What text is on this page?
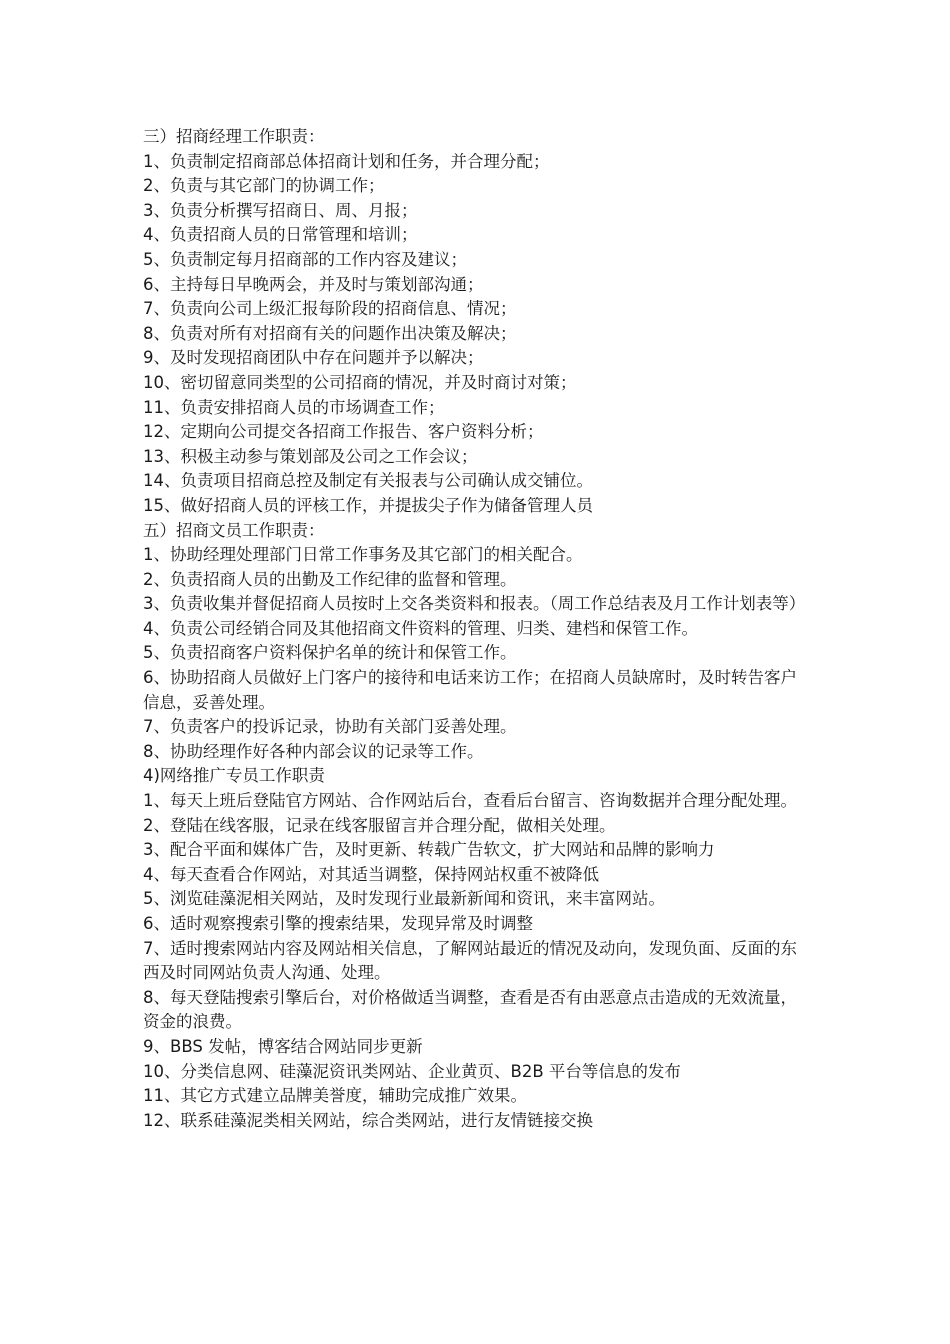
三）招商经理工作职责：

1、负责制定招商部总体招商计划和任务，并合理分配；

2、负责与其它部门的协调工作；

3、负责分析撰写招商日、周、月报；

4、负责招商人员的日常管理和培训；

5、负责制定每月招商部的工作内容及建议；

6、主持每日早晚两会，并及时与策划部沟通；

7、负责向公司上级汇报每阶段的招商信息、情况；

8、负责对所有对招商有关的问题作出决策及解决；

9、及时发现招商团队中存在问题并予以解决；

10、密切留意同类型的公司招商的情况，并及时商讨对策；

11、负责安排招商人员的市场调查工作；

12、定期向公司提交各招商工作报告、客户资料分析；

13、积极主动参与策划部及公司之工作会议；

14、负责项目招商总控及制定有关报表与公司确认成交铺位。

15、做好招商人员的评核工作，并提拔尖子作为储备管理人员

五）招商文员工作职责：

1、协助经理处理部门日常工作事务及其它部门的相关配合。

2、负责招商人员的出勤及工作纪律的监督和管理。

3、负责收集并督促招商人员按时上交各类资料和报表。（周工作总结表及月工作计划表等）

4、负责公司经销合同及其他招商文件资料的管理、归类、建档和保管工作。

5、负责招商客户资料保护名单的统计和保管工作。

6、协助招商人员做好上门客户的接待和电话来访工作；在招商人员缺席时，及时转告客户信息，妥善处理。

7、负责客户的投诉记录，协助有关部门妥善处理。

8、协助经理作好各种内部会议的记录等工作。

4)网络推广专员工作职责

1、每天上班后登陆官方网站、合作网站后台，查看后台留言、咨询数据并合理分配处理。

2、登陆在线客服，记录在线客服留言并合理分配，做相关处理。

3、配合平面和媒体广告，及时更新、转载广告软文，扩大网站和品牌的影响力

4、每天查看合作网站，对其适当调整，保持网站权重不被降低

5、浏览硅藻泥相关网站，及时发现行业最新新闻和资讯，来丰富网站。

6、适时观察搜索引擎的搜索结果，发现异常及时调整

7、适时搜索网站内容及网站相关信息，了解网站最近的情况及动向，发现负面、反面的东西及时同网站负责人沟通、处理。

8、每天登陆搜索引擎后台，对价格做适当调整，查看是否有由恶意点击造成的无效流量，资金的浪费。

9、BBS 发帖，博客结合网站同步更新

10、分类信息网、硅藻泥资讯类网站、企业黄页、B2B 平台等信息的发布

11、其它方式建立品牌美誉度，辅助完成推广效果。

12、联系硅藻泥类相关网站，综合类网站，进行友情链接交换
